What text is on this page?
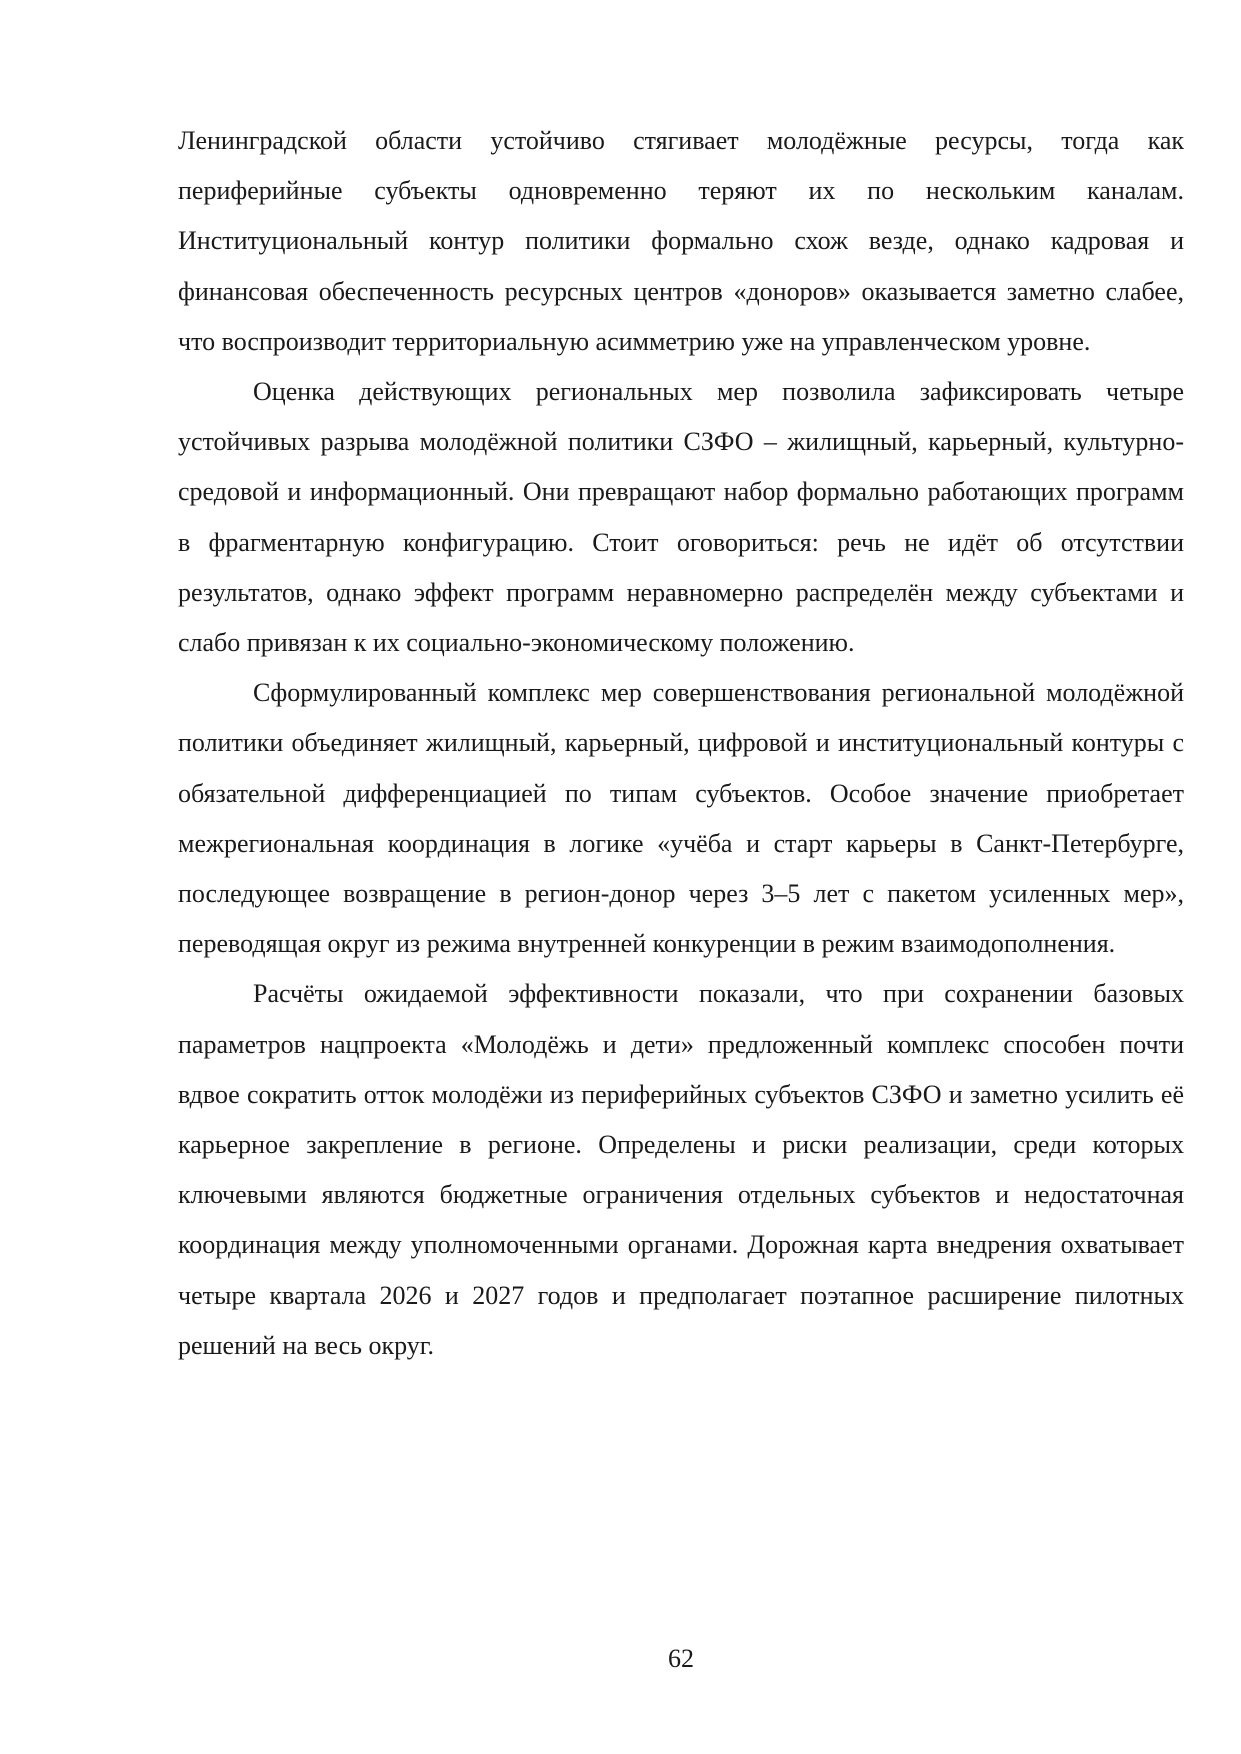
Ленинградской области устойчиво стягивает молодёжные ресурсы, тогда как периферийные субъекты одновременно теряют их по нескольким каналам. Институциональный контур политики формально схож везде, однако кадровая и финансовая обеспеченность ресурсных центров «доноров» оказывается заметно слабее, что воспроизводит территориальную асимметрию уже на управленческом уровне.

Оценка действующих региональных мер позволила зафиксировать четыре устойчивых разрыва молодёжной политики СЗФО – жилищный, карьерный, культурно-средовой и информационный. Они превращают набор формально работающих программ в фрагментарную конфигурацию. Стоит оговориться: речь не идёт об отсутствии результатов, однако эффект программ неравномерно распределён между субъектами и слабо привязан к их социально-экономическому положению.

Сформулированный комплекс мер совершенствования региональной молодёжной политики объединяет жилищный, карьерный, цифровой и институциональный контуры с обязательной дифференциацией по типам субъектов. Особое значение приобретает межрегиональная координация в логике «учёба и старт карьеры в Санкт-Петербурге, последующее возвращение в регион-донор через 3–5 лет с пакетом усиленных мер», переводящая округ из режима внутренней конкуренции в режим взаимодополнения.

Расчёты ожидаемой эффективности показали, что при сохранении базовых параметров нацпроекта «Молодёжь и дети» предложенный комплекс способен почти вдвое сократить отток молодёжи из периферийных субъектов СЗФО и заметно усилить её карьерное закрепление в регионе. Определены и риски реализации, среди которых ключевыми являются бюджетные ограничения отдельных субъектов и недостаточная координация между уполномоченными органами. Дорожная карта внедрения охватывает четыре квартала 2026 и 2027 годов и предполагает поэтапное расширение пилотных решений на весь округ.

62
